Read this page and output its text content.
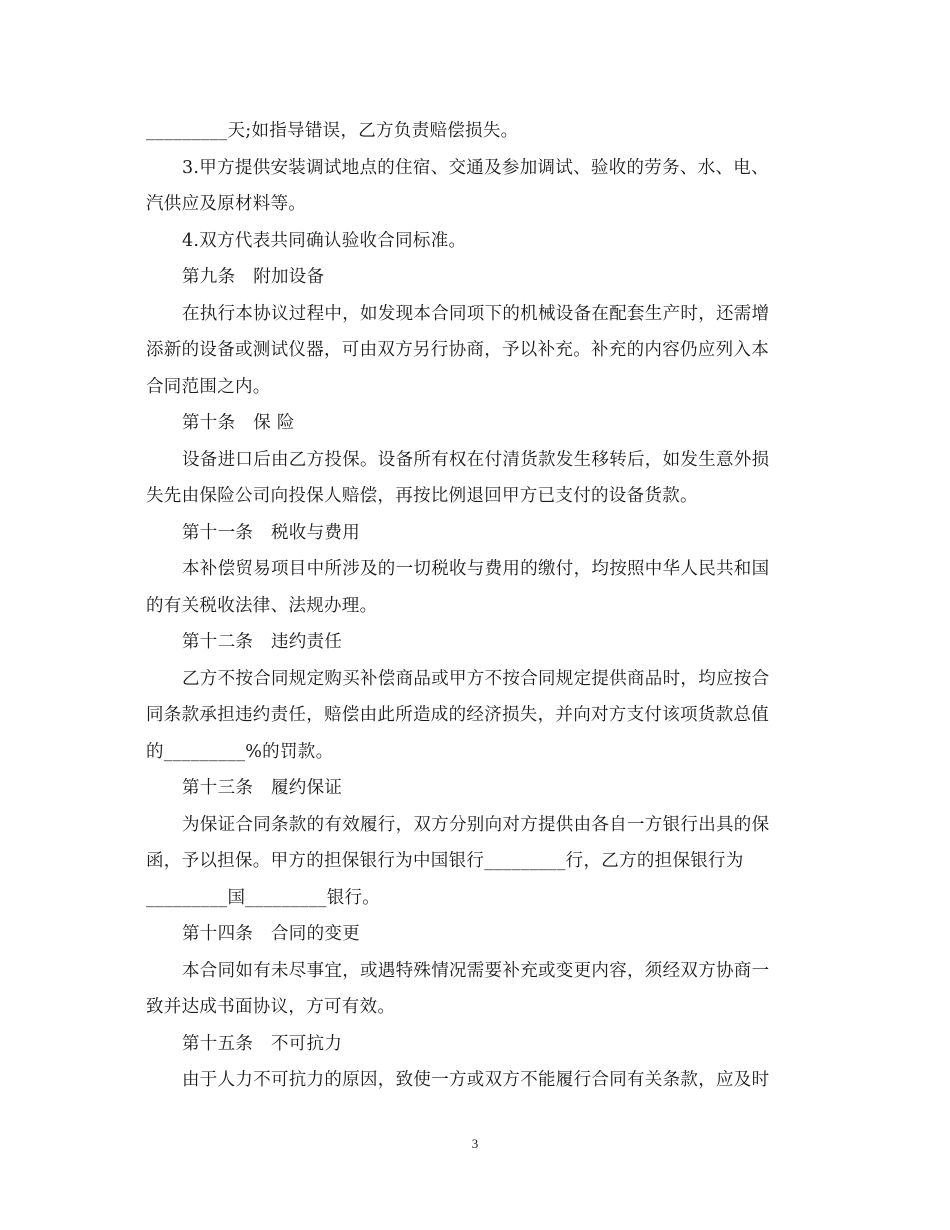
_________天;如指导错误，乙方负责赔偿损失。
3.甲方提供安装调试地点的住宿、交通及参加调试、验收的劳务、水、电、
汽供应及原材料等。
4.双方代表共同确认验收合同标准。
第九条　附加设备
在执行本协议过程中，如发现本合同项下的机械设备在配套生产时，还需增
添新的设备或测试仪器，可由双方另行协商，予以补充。补充的内容仍应列入本
合同范围之内。
第十条　保 险
设备进口后由乙方投保。设备所有权在付清货款发生移转后，如发生意外损
失先由保险公司向投保人赔偿，再按比例退回甲方已支付的设备货款。
第十一条　税收与费用
本补偿贸易项目中所涉及的一切税收与费用的缴付，均按照中华人民共和国
的有关税收法律、法规办理。
第十二条　违约责任
乙方不按合同规定购买补偿商品或甲方不按合同规定提供商品时，均应按合
同条款承担违约责任，赔偿由此所造成的经济损失，并向对方支付该项货款总值
的_________%的罚款。
第十三条　履约保证
为保证合同条款的有效履行，双方分别向对方提供由各自一方银行出具的保
函，予以担保。甲方的担保银行为中国银行_________行，乙方的担保银行为
_________国_________银行。
第十四条　合同的变更
本合同如有未尽事宜，或遇特殊情况需要补充或变更内容，须经双方协商一
致并达成书面协议，方可有效。
第十五条　不可抗力
由于人力不可抗力的原因，致使一方或双方不能履行合同有关条款，应及时
3
